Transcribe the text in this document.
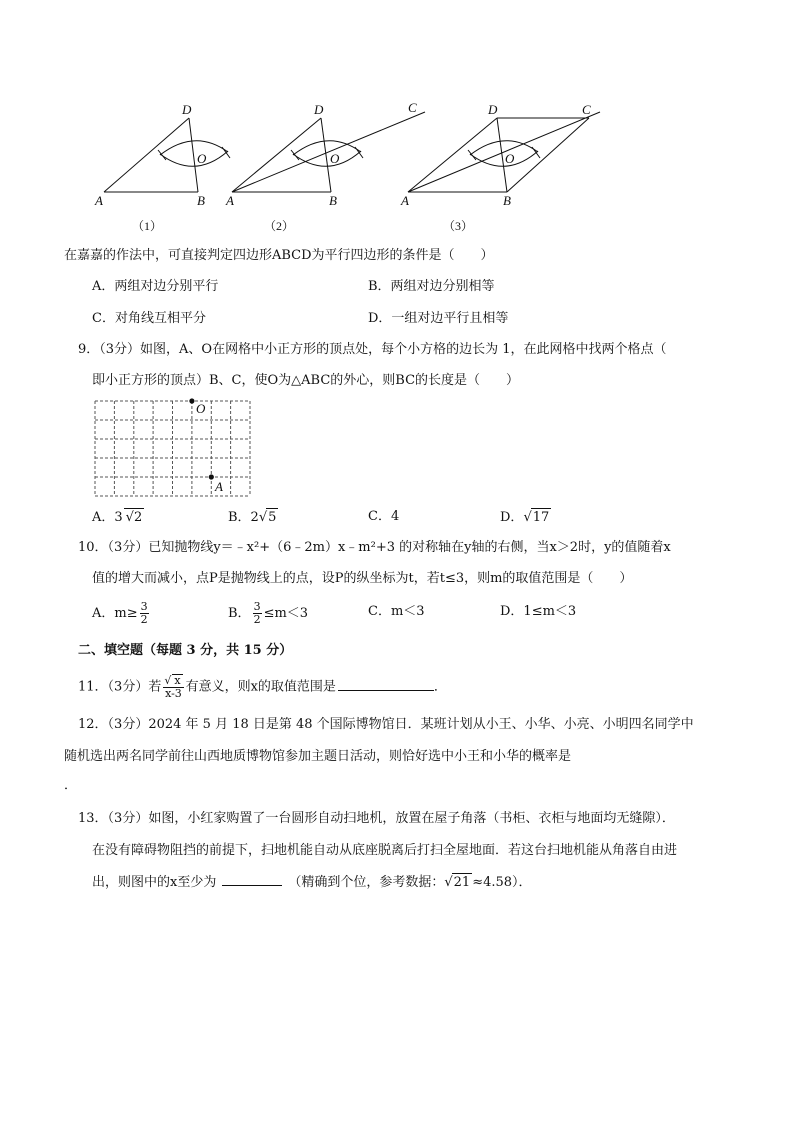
D
A	B
O
D
A	B
O
C	D
A	B
O
C
（1）	（2）	（3）
在嘉嘉的作法中，可直接判定四边形ABCD为平行四边形的条件是（　　）
A．两组对边分别平行	B．两组对边分别相等
C．对角线互相平分	D．一组对边平行且相等
9．（3分）如图，A、O在网格中小正方形的顶点处，每个小方格的边长为 1，在此网格中找两个格点（
即小正方形的顶点）B、C，使O为△ABC的外心，则BC的长度是（　　）
O
A
A．3 √2	B．2√5	C．4	D．√17
10．（3分）已知抛物线y＝﹣x²+（6﹣2m）x﹣m²+3 的对称轴在y轴的右侧，当x＞2时，y的值随着x
值的增大而减小，点P是抛物线上的点，设P的纵坐标为t，若t≤3，则m的取值范围是（　　）
A．$m\ge \frac{3}{2}$	B． $\frac{3}{2} \le m<3$	C．m＜3	D．1≤m＜3
二、填空题（每题 3 分，共 15 分）
11．（3分）若 $\frac{√ x}{x-3}$ 有意义，则x的取值范围是	．
12．（3分）2024 年 5 月 18 日是第 48 个国际博物馆日．某班计划从小王、小华、小亮、小明四名同学中
随机选出两名同学前往山西地质博物馆参加主题日活动，则恰好选中小王和小华的概率是
．
13．（3分）如图，小红家购置了一台圆形自动扫地机，放置在屋子角落（书柜、衣柜与地面均无缝隙）．
在没有障碍物阻挡的前提下，扫地机能自动从底座脱离后打扫全屋地面．若这台扫地机能从角落自由进
出，则图中的x至少为	（精确到个位，参考数据：√21 ≈4.58）．
